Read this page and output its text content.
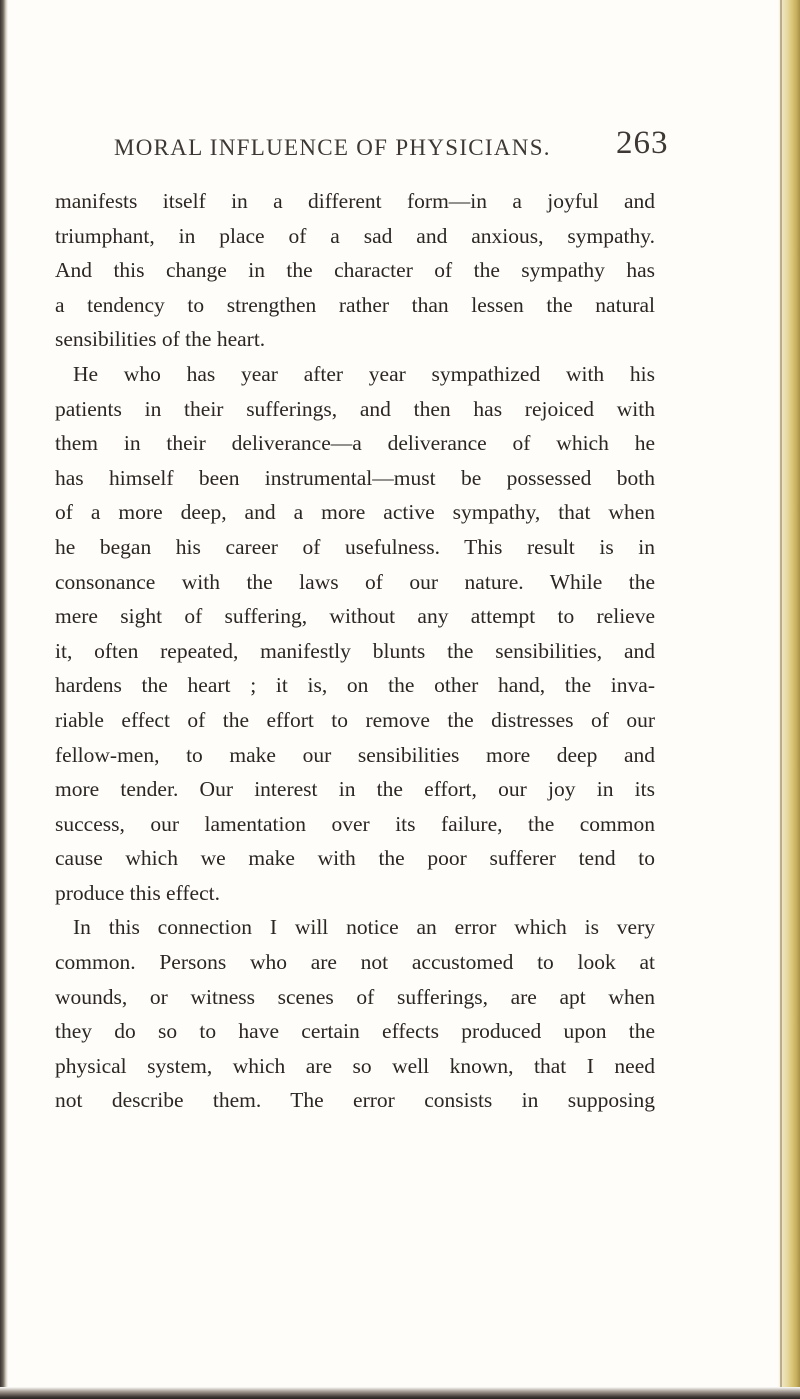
MORAL INFLUENCE OF PHYSICIANS. 263
manifests itself in a different form—in a joyful and
triumphant, in place of a sad and anxious, sympathy.
And this change in the character of the sympathy has
a tendency to strengthen rather than lessen the natural
sensibilities of the heart.
He who has year after year sympathized with his
patients in their sufferings, and then has rejoiced with
them in their deliverance—a deliverance of which he
has himself been instrumental—must be possessed both
of a more deep, and a more active sympathy, that when
he began his career of usefulness. This result is in
consonance with the laws of our nature. While the
mere sight of suffering, without any attempt to relieve
it, often repeated, manifestly blunts the sensibilities, and
hardens the heart ; it is, on the other hand, the inva-
riable effect of the effort to remove the distresses of our
fellow-men, to make our sensibilities more deep and
more tender. Our interest in the effort, our joy in its
success, our lamentation over its failure, the common
cause which we make with the poor sufferer tend to
produce this effect.
In this connection I will notice an error which is very
common. Persons who are not accustomed to look at
wounds, or witness scenes of sufferings, are apt when
they do so to have certain effects produced upon the
physical system, which are so well known, that I need
not describe them. The error consists in supposing
